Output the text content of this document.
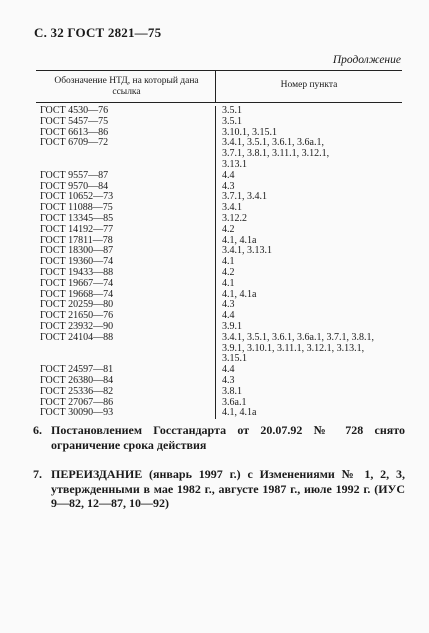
С. 32 ГОСТ 2821—75
Продолжение
Обозначение НТД, на который дана ссылка
Номер пункта
ГОСТ 4530—76	3.5.1
ГОСТ 5457—75	3.5.1
ГОСТ 6613—86	3.10.1, 3.15.1
ГОСТ 6709—72	3.4.1, 3.5.1, 3.6.1, 3.6a.1,
3.7.1, 3.8.1, 3.11.1, 3.12.1,
3.13.1
ГОСТ 9557—87	4.4
ГОСТ 9570—84	4.3
ГОСТ 10652—73	3.7.1, 3.4.1
ГОСТ 11088—75	3.4.1
ГОСТ 13345—85	3.12.2
ГОСТ 14192—77	4.2
ГОСТ 17811—78	4.1, 4.1a
ГОСТ 18300—87	3.4.1, 3.13.1
ГОСТ 19360—74	4.1
ГОСТ 19433—88	4.2
ГОСТ 19667—74	4.1
ГОСТ 19668—74	4.1, 4.1a
ГОСТ 20259—80	4.3
ГОСТ 21650—76	4.4
ГОСТ 23932—90	3.9.1
ГОСТ 24104—88	3.4.1, 3.5.1, 3.6.1, 3.6a.1, 3.7.1, 3.8.1,
3.9.1, 3.10.1, 3.11.1, 3.12.1, 3.13.1,
3.15.1
ГОСТ 24597—81	4.4
ГОСТ 26380—84	4.3
ГОСТ 25336—82	3.8.1
ГОСТ 27067—86	3.6a.1
ГОСТ 30090—93	4.1, 4.1a
6. Постановлением Госстандарта от 20.07.92 № 728 снято ограничение срока действия
7. ПЕРЕИЗДАНИЕ (январь 1997 г.) с Изменениями № 1, 2, 3, утвержденными в мае 1982 г., августе 1987 г., июле 1992 г. (ИУС 9—82, 12—87, 10—92)
